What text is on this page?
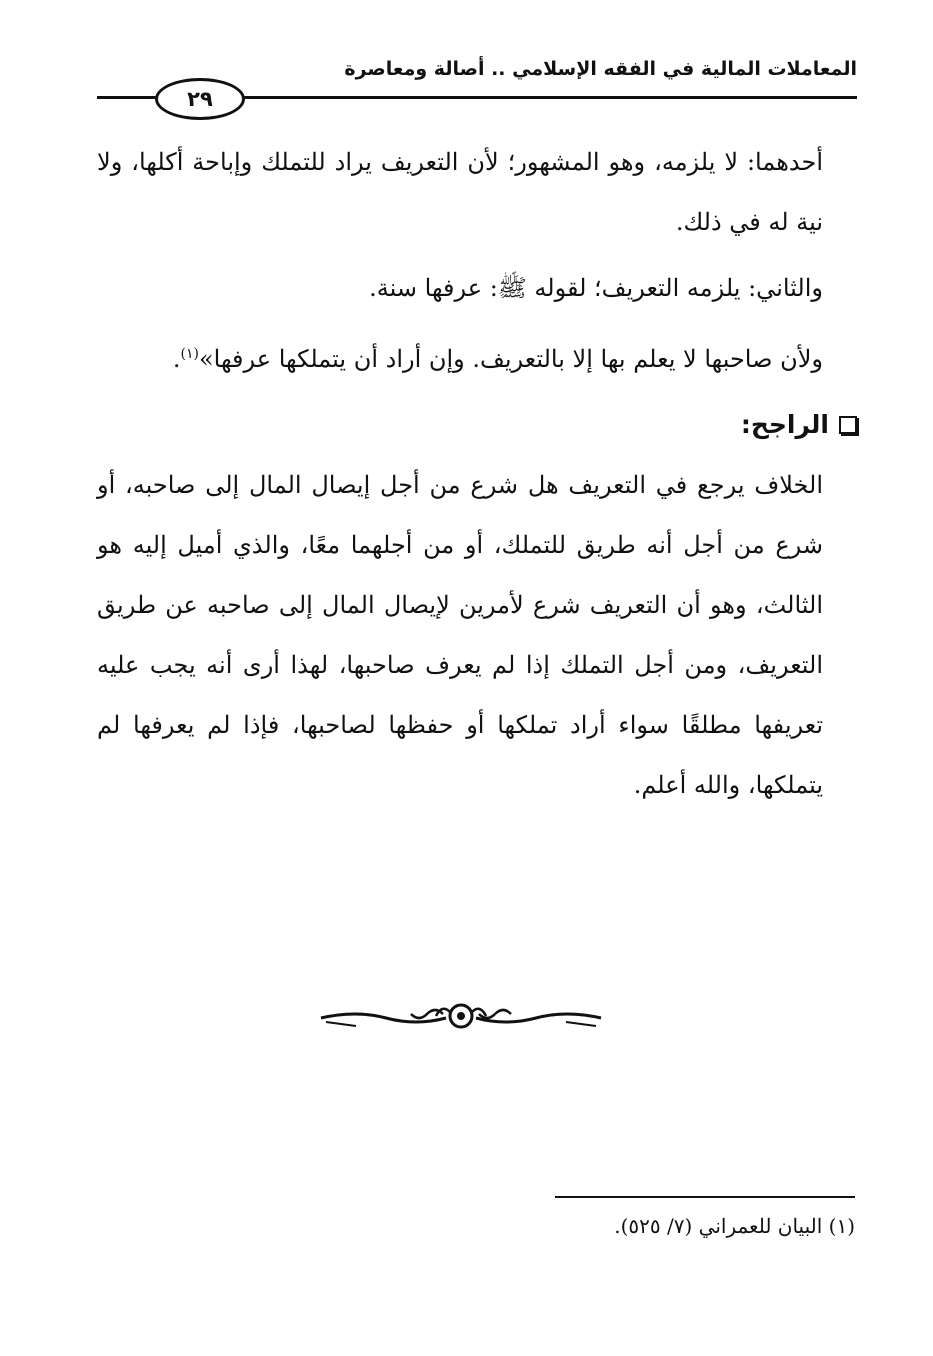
المعاملات المالية في الفقه الإسلامي .. أصالة ومعاصرة
٢٩

أحدهما: لا يلزمه، وهو المشهور؛ لأن التعريف يراد للتملك وإباحة أكلها، ولا نية له في ذلك.

والثاني: يلزمه التعريف؛ لقوله ﷺ: عرفها سنة.

ولأن صاحبها لا يعلم بها إلا بالتعريف. وإن أراد أن يتملكها عرفها»$^{(١)}$.

الراجح:

الخلاف يرجع في التعريف هل شرع من أجل إيصال المال إلى صاحبه، أو شرع من أجل أنه طريق للتملك، أو من أجلهما معًا، والذي أميل إليه هو الثالث، وهو أن التعريف شرع لأمرين لإيصال المال إلى صاحبه عن طريق التعريف، ومن أجل التملك إذا لم يعرف صاحبها، لهذا أرى أنه يجب عليه تعريفها مطلقًا سواء أراد تملكها أو حفظها لصاحبها، فإذا لم يعرفها لم يتملكها، والله أعلم.

(١) البيان للعمراني (٧/ ٥٢٥).
